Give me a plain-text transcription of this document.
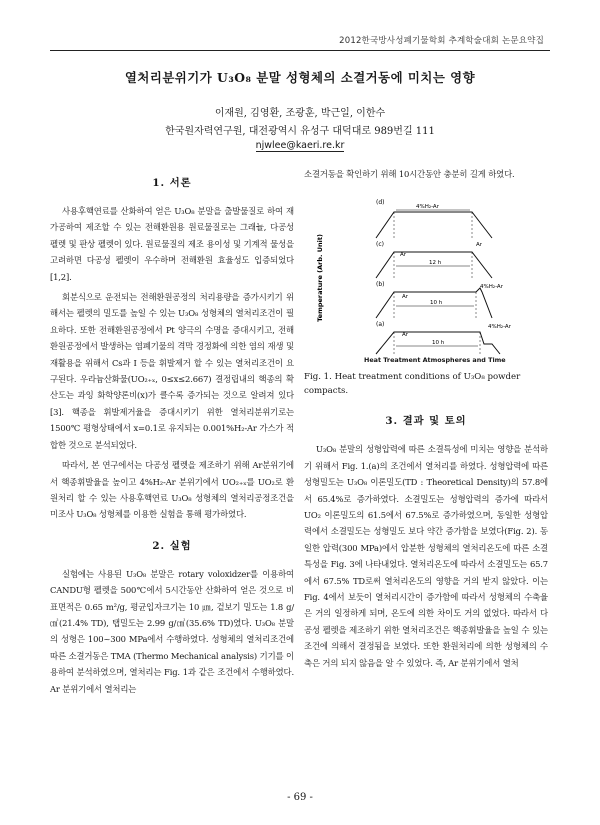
2012한국방사성폐기물학회 추계학술대회 논문요약집
열처리분위기가 U₃O₈ 분말 성형체의 소결거동에 미치는 영향
이재원, 김영환, 조광훈, 박근일, 이한수
한국원자력연구원, 대전광역시 유성구 대덕대로 989번길 111
njwlee@kaeri.re.kr
1. 서론

사용후핵연료를 산화하여 얻은 U₃O₈ 분말을 출발물질로 하여 재가공하여 제조할 수 있는 전해환원용 원료물질로는 그래뉼, 다공성 펠렛 및 판상 펠렛이 있다. 원료물질의 제조 용이성 및 기계적 물성을 고려하면 다공성 펠렛이 우수하며 전해환원 효율성도 입증되었다[1,2].

회분식으로 운전되는 전해환원공정의 처리용량을 증가시키기 위해서는 펠렛의 밀도를 높일 수 있는 U₃O₈ 성형체의 열처리조건이 필요하다. 또한 전해환원공정에서 Pt 양극의 수명을 증대시키고, 전해환원공정에서 발생하는 염폐기물의 격막 경정화에 의한 염의 재생 및 재활용을 위해서 Cs과 I 등을 휘발제거 할 수 있는 열처리조건이 요구된다. 우라늄산화물(UO₂₊ₓ, 0≤x≤2.667) 결정립내의 핵종의 확산도는 과잉 화학양론비(x)가 클수록 증가되는 것으로 알려져 있다[3]. 핵종을 휘발제거율을 증대시키기 위한 열처리분위기로는 1500℃ 평형상태에서 x=0.1로 유지되는 0.001%H₂-Ar 가스가 적합한 것으로 분석되었다.

따라서, 본 연구에서는 다공성 펠렛을 제조하기 위해 Ar분위기에서 핵종휘발율을 높이고 4%H₂-Ar 분위기에서 UO₂₊ₓ를 UO₂로 환원처리 할 수 있는 사용후핵연료 U₃O₈ 성형체의 열처리공정조건을 미조사 U₃O₈ 성형체를 이용한 실험을 통해 평가하였다.

2. 실험

실험에는 사용된 U₃O₈ 분말은 rotary voloxidzer를 이용하여 CANDU형 펠렛을 500℃에서 5시간동안 산화하여 얻은 것으로 비표면적은 0.65 m²/g, 평균입자크기는 10 ㎛, 겉보기 밀도는 1.8 g/㎤(21.4% TD), 탭밀도는 2.99 g/㎤(35.6% TD)였다. U₃O₈ 분말의 성형은 100~300 MPa에서 수행하였다. 성형체의 열처리조건에 따른 소결거동은 TMA (Thermo Mechanical analysis) 기기를 이용하여 분석하였으며, 열처리는 Fig. 1과 같은 조건에서 수행하였다. Ar 분위기에서 열처리는

소결거동을 확인하기 위해 10시간동안 충분히 길게 하였다.

Temperature (Arb. Unit)
(d)
4%H₂-Ar
(c)	Ar
Ar
12 h
(b)	4%H₂-Ar
Ar
10 h
(a)	4%H₂-Ar
Ar
10 h
Heat Treatment Atmospheres and Time
Fig. 1. Heat treatment conditions of U₃O₈ powder compacts.
3. 결과 및 토의

U₃O₈ 분말의 성형압력에 따른 소결특성에 미치는 영향을 분석하기 위해서 Fig. 1.(a)의 조건에서 열처리를 하였다. 성형압력에 따른 성형밀도는 U₃O₈ 이론밀도(TD : Theoretical Density)의 57.8에서 65.4%로 증가하였다. 소결밀도는 성형압력의 증가에 따라서 UO₂ 이론밀도의 61.5에서 67.5%로 증가하였으며, 동일한 성형압력에서 소결밀도는 성형밀도 보다 약간 증가함을 보였다(Fig. 2). 동일한 압력(300 MPa)에서 압분한 성형체의 열처리온도에 따른 소결특성을 Fig. 3에 나타내었다. 열처리온도에 따라서 소결밀도는 65.7에서 67.5% TD로써 열처리온도의 영향을 거의 받지 않았다. 이는 Fig. 4에서 보듯이 열처리시간이 증가함에 따라서 성형체의 수축율은 거의 일정하게 되며, 온도에 의한 차이도 거의 없었다. 따라서 다공성 펠렛을 제조하기 위한 열처리조건은 핵종휘발율을 높일 수 있는 조건에 의해서 결정됨을 보였다. 또한 환원처리에 의한 성형체의 수축은 거의 되지 않음을 알 수 있었다. 즉, Ar 분위기에서 열처

- 69 -
